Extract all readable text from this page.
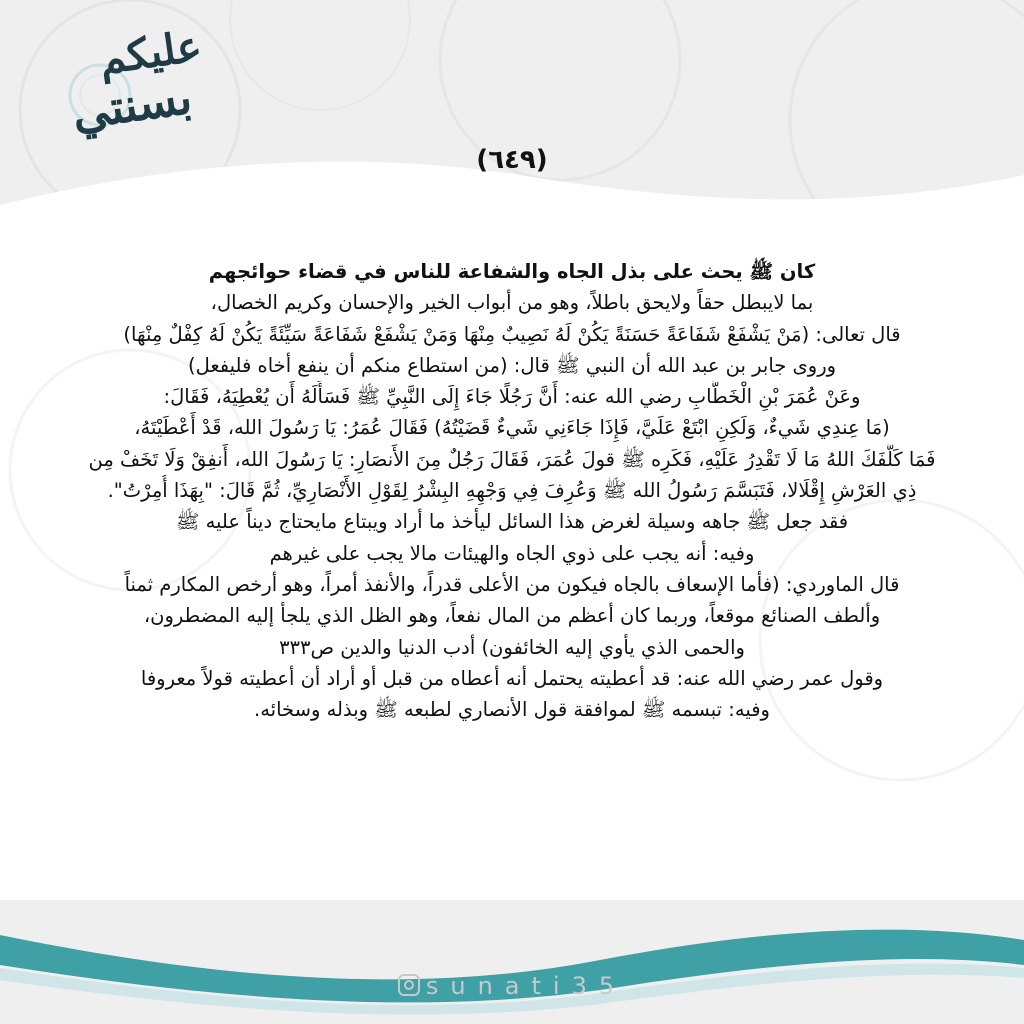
عليكم
بسنتي
(٦٤٩)
كان ﷺ يحث على بذل الجاه والشفاعة للناس في قضاء حوائجهم
بما لايبطل حقاً ولايحق باطلاً، وهو من أبواب الخير والإحسان وكريم الخصال،
قال تعالى: (مَنْ يَشْفَعْ شَفَاعَةً حَسَنَةً يَكُنْ لَهُ نَصِيبٌ مِنْهَا وَمَنْ يَشْفَعْ شَفَاعَةً سَيِّئَةً يَكُنْ لَهُ كِفْلٌ مِنْهَا)
وروى جابر بن عبد الله أن النبي ﷺ قال: (من استطاع منكم أن ينفع أخاه فليفعل)
وعَنْ عُمَرَ بْنِ الْخَطَّابِ رضي الله عنه: أَنَّ رَجُلًا جَاءَ إِلَى النَّبِيِّ ﷺ فَسَأَلَهُ أَن يُعْطِيَهُ، فَقَالَ:
(مَا عِندِي شَيءٌ، وَلَكِنِ ابْتَعْ عَلَيَّ، فَإِذَا جَاءَنِي شَيءٌ قَضَيْتُهُ) فَقَالَ عُمَرُ: يَا رَسُولَ الله، قَدْ أَعْطَيْتَهُ،
فَمَا كَلَّفَكَ اللهُ مَا لَا تَقْدِرُ عَلَيْهِ، فَكَرِه ﷺ قولَ عُمَرَ، فَقَالَ رَجُلٌ مِنَ الأَنصَارِ: يَا رَسُولَ الله، أَنفِقْ وَلَا تَخَفْ مِن
ذِي العَرْشِ إِقْلَالا، فَتَبَسَّمَ رَسُولُ الله ﷺ وَعُرِفَ فِي وَجْهِهِ البِشْرُ لِقَوْلِ الأَنْصَارِيِّ، ثُمَّ قَالَ: "بِهَذَا أُمِرْتُ".
فقد جعل ﷺ جاهه وسيلة لغرض هذا السائل ليأخذ ما أراد ويبتاع مايحتاج ديناً عليه ﷺ
وفيه: أنه يجب على ذوي الجاه والهيئات مالا يجب على غيرهم
قال الماوردي: (فأما الإسعاف بالجاه فيكون من الأعلى قدراً، والأنفذ أمراً، وهو أرخص المكارم ثمناً
وألطف الصنائع موقعاً، وربما كان أعظم من المال نفعاً، وهو الظل الذي يلجأ إليه المضطرون،
والحمى الذي يأوي إليه الخائفون) أدب الدنيا والدين ص٣٣٣
وقول عمر رضي الله عنه: قد أعطيته يحتمل أنه أعطاه من قبل أو أراد أن أعطيته قولاً معروفا
وفيه: تبسمه ﷺ لموافقة قول الأنصاري لطبعه ﷺ وبذله وسخائه.
sunati35
